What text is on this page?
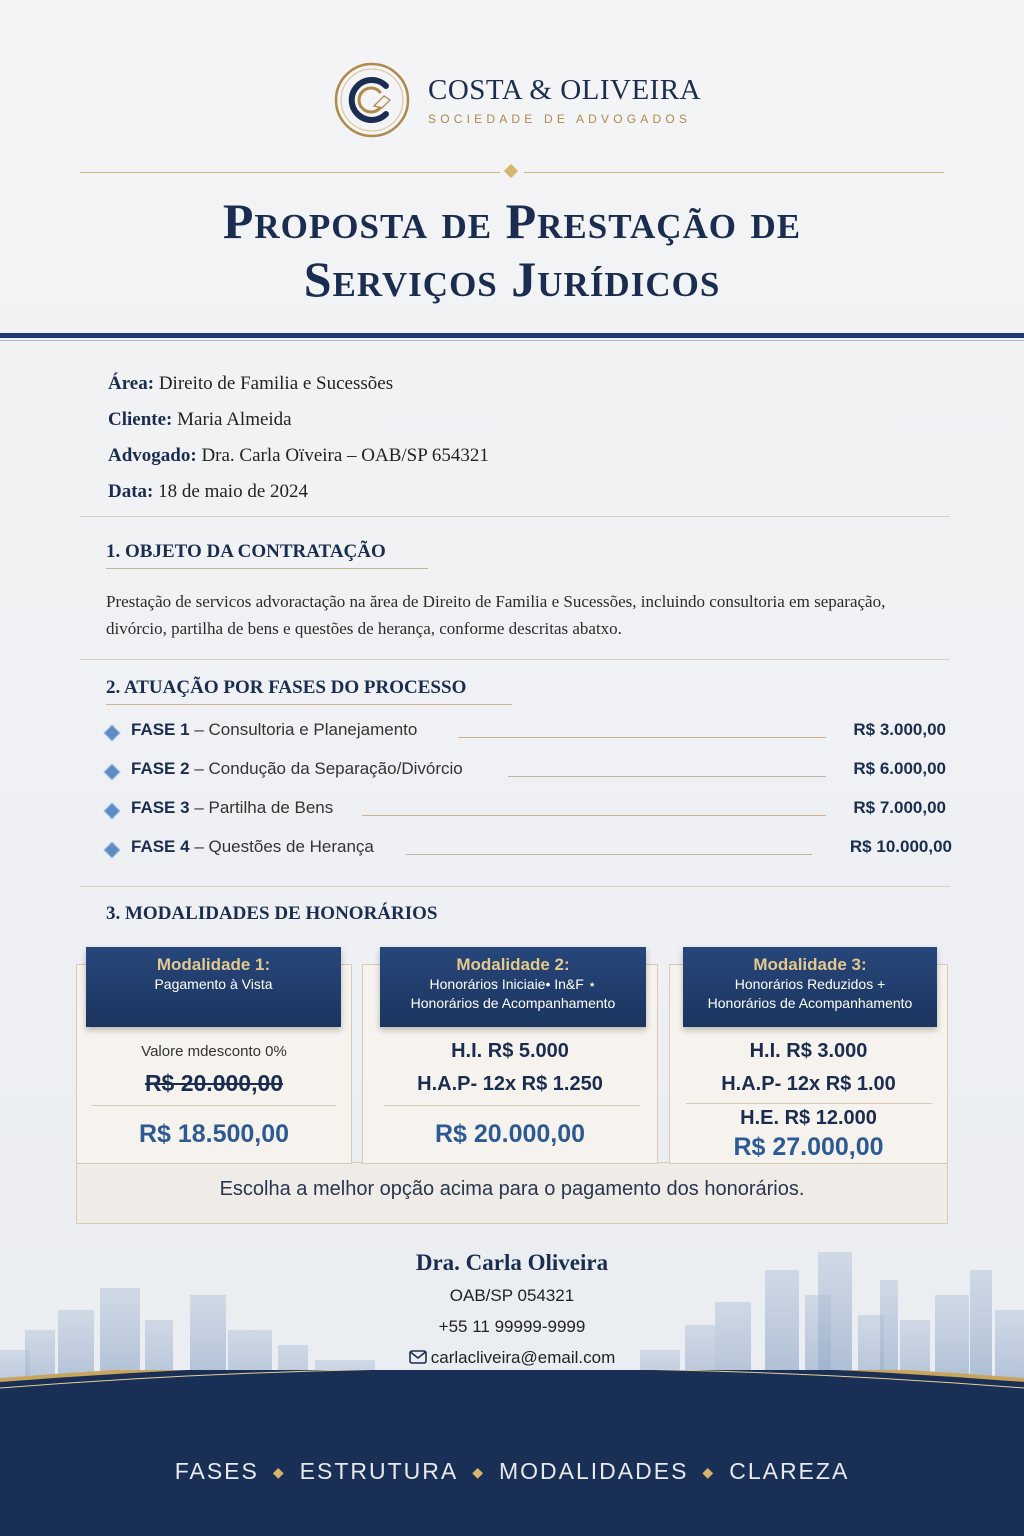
COSTA & OLIVEIRA
SOCIEDADE DE ADVOGADOS
Proposta de Prestação de
Serviços Jurídicos
Área: Direito de Familia e Sucessões
Cliente: Maria Almeida
Advogado: Dra. Carla Oïveira – OAB/SP 654321
Data: 18 de maio de 2024
1. OBJETO DA CONTRATAÇÃO
Prestação de servicos advoractação na ărea de Direito de Familia e Sucessões, incluindo consultoria em separação, divórcio, partilha de bens e questões de herança, conforme descritas abatxo.
2. ATUAÇÃO POR FASES DO PROCESSO
FASE 1 – Consultoria e Planejamento	R$ 3.000,00
FASE 2 – Condução da Separação/Divórcio	R$ 6.000,00
FASE 3 – Partilha de Bens	R$ 7.000,00
FASE 4 – Questões de Herança	R$ 10.000,00
3. MODALIDADES DE HONORÁRIOS
Modalidade 1:
Pagamento à Vista
Valore mdesconto 0%
R$ 20.000,00
R$ 18.500,00
Modalidade 2:
Honorários Iniciaie• In&F ⋆
Honorários de Acompanhamento
H.I. R$ 5.000
H.A.P- 12x R$ 1.250
R$ 20.000,00
Modalidade 3:
Honorários Reduzidos +
Honorários de Acompanhamento
H.I. R$ 3.000
H.A.P- 12x R$ 1.00
H.E. R$ 12.000
R$ 27.000,00
Escolha a melhor opção acima para o pagamento dos honorários.
Dra. Carla Oliveira
OAB/SP 054321
+55 11 99999-9999
carlacliveira@email.com
FASES ◆ ESTRUTURA ◆ MODALIDADES ◆ CLAREZA
